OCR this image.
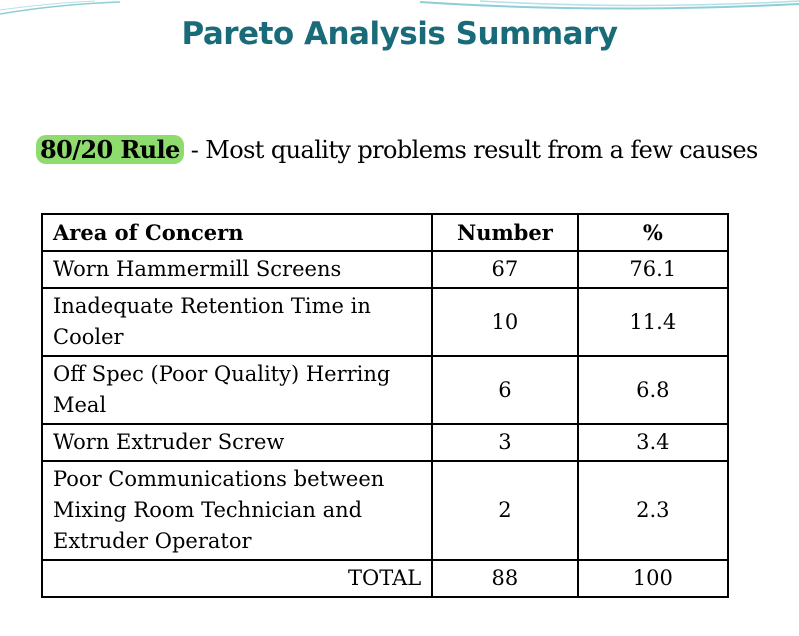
Pareto Analysis Summary
80/20 Rule - Most quality problems result from a few causes
Area of Concern	Number	%
Worn Hammermill Screens	67	76.1
Inadequate Retention Time in Cooler	10	11.4
Off Spec (Poor Quality) Herring Meal	6	6.8
Worn Extruder Screw	3	3.4
Poor Communications between Mixing Room Technician and Extruder Operator	2	2.3
TOTAL	88	100
